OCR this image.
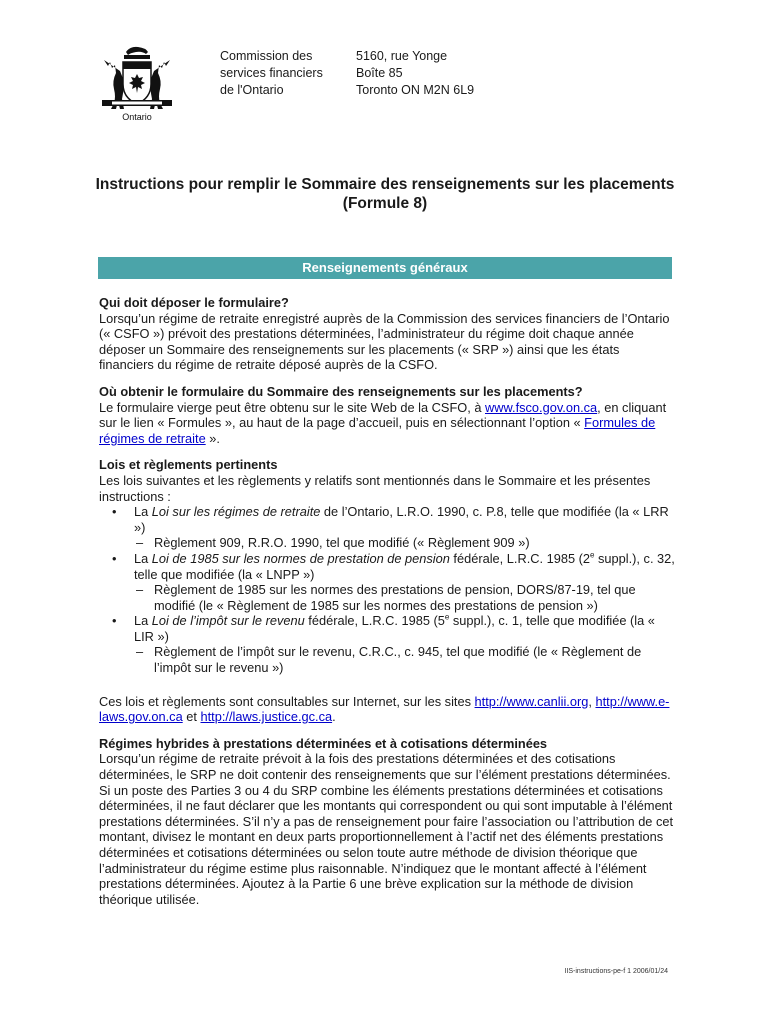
Ontario
Commission des
services financiers
de l'Ontario
5160, rue Yonge
Boîte 85
Toronto ON M2N 6L9
Instructions pour remplir le Sommaire des renseignements sur les placements
(Formule 8)
Renseignements généraux
Qui doit déposer le formulaire?

Lorsqu’un régime de retraite enregistré auprès de la Commission des services financiers de l’Ontario (« CSFO ») prévoit des prestations déterminées, l’administrateur du régime doit chaque année déposer un Sommaire des renseignements sur les placements (« SRP ») ainsi que les états financiers du régime de retraite déposé auprès de la CSFO.

Où obtenir le formulaire du Sommaire des renseignements sur les placements?

Le formulaire vierge peut être obtenu sur le site Web de la CSFO, à www.fsco.gov.on.ca, en cliquant sur le lien « Formules », au haut de la page d’accueil, puis en sélectionnant l’option « Formules de régimes de retraite ».

Lois et règlements pertinents

Les lois suivantes et les règlements y relatifs sont mentionnés dans le Sommaire et les présentes instructions :

• La Loi sur les régimes de retraite de l’Ontario, L.R.O. 1990, c. P.8, telle que modifiée (la « LRR »)
– Règlement 909, R.R.O. 1990, tel que modifié (« Règlement 909 »)
• La Loi de 1985 sur les normes de prestation de pension fédérale, L.R.C. 1985 (2e suppl.), c. 32, telle que modifiée (la « LNPP »)
– Règlement de 1985 sur les normes des prestations de pension, DORS/87-19, tel que modifié (le « Règlement de 1985 sur les normes des prestations de pension »)
• La Loi de l’impôt sur le revenu fédérale, L.R.C. 1985 (5e suppl.), c. 1, telle que modifiée (la « LIR »)
– Règlement de l’impôt sur le revenu, C.R.C., c. 945, tel que modifié (le « Règlement de l’impôt sur le revenu »)

Ces lois et règlements sont consultables sur Internet, sur les sites http://www.canlii.org, http://www.e-laws.gov.on.ca et http://laws.justice.gc.ca.

Régimes hybrides à prestations déterminées et à cotisations déterminées

Lorsqu’un régime de retraite prévoit à la fois des prestations déterminées et des cotisations déterminées, le SRP ne doit contenir des renseignements que sur l’élément prestations déterminées. Si un poste des Parties 3 ou 4 du SRP combine les éléments prestations déterminées et cotisations déterminées, il ne faut déclarer que les montants qui correspondent ou qui sont imputable à l’élément prestations déterminées. S’il n’y a pas de renseignement pour faire l’association ou l’attribution de cet montant, divisez le montant en deux parts proportionnellement à l’actif net des éléments prestations déterminées et cotisations déterminées ou selon toute autre méthode de division théorique que l’administrateur du régime estime plus raisonnable. N’indiquez que le montant affecté à l’élément prestations déterminées. Ajoutez à la Partie 6 une brève explication sur la méthode de division théorique utilisée.

IIS-instructions-pe-f 1 2006/01/24
